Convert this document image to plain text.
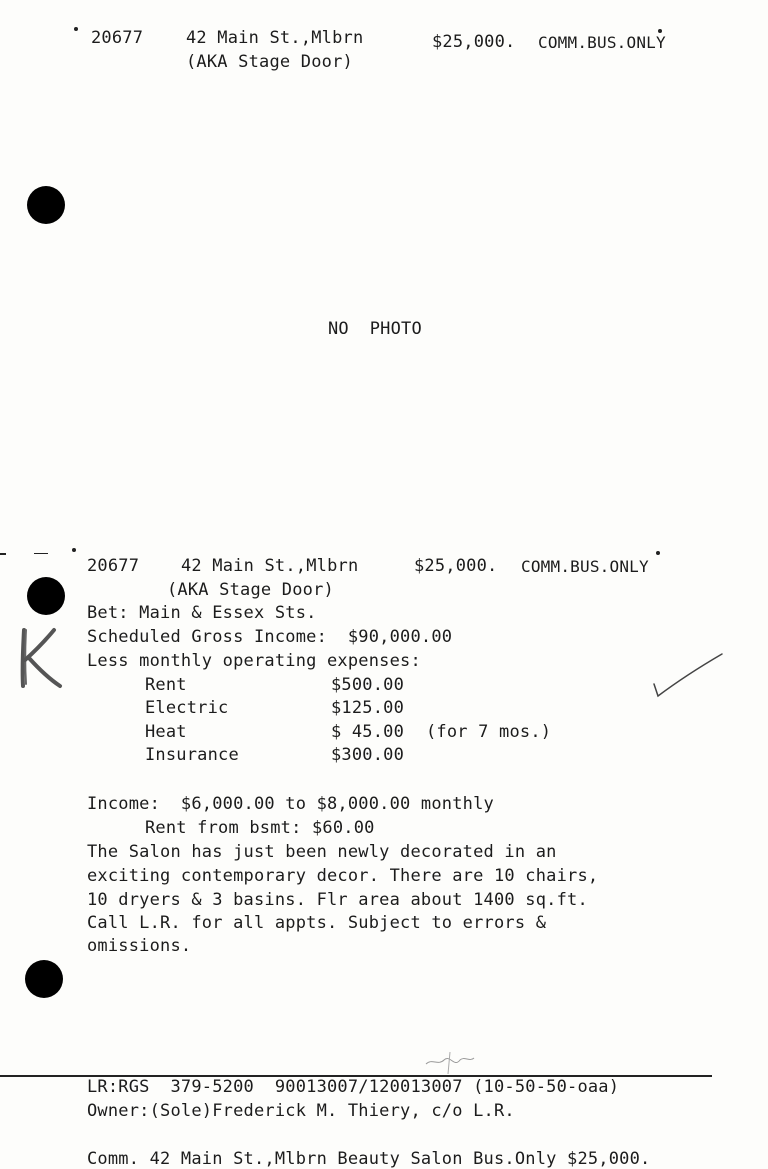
20677	42 Main St.,Mlbrn	$25,000. COMM.BUS.ONLY
(AKA Stage Door)
NO  PHOTO
20677 42 Main St.,Mlbrn	$25,000. COMM.BUS.ONLY
(AKA Stage Door)
Bet: Main & Essex Sts.
Scheduled Gross Income:  $90,000.00
Less monthly operating expenses:
Rent	$500.00
Electric	$125.00
Heat	$ 45.00 (for 7 mos.)
Insurance	$300.00
Income:  $6,000.00 to $8,000.00 monthly
Rent from bsmt: $60.00
The Salon has just been newly decorated in an
exciting contemporary decor. There are 10 chairs,
10 dryers & 3 basins. Flr area about 1400 sq.ft.
Call L.R. for all appts. Subject to errors &
omissions.
LR:RGS  379-5200  90013007/120013007 (10-50-50-oaa)
Owner:(Sole)Frederick M. Thiery, c/o L.R.
Comm. 42 Main St.,Mlbrn Beauty Salon Bus.Only $25,000.
